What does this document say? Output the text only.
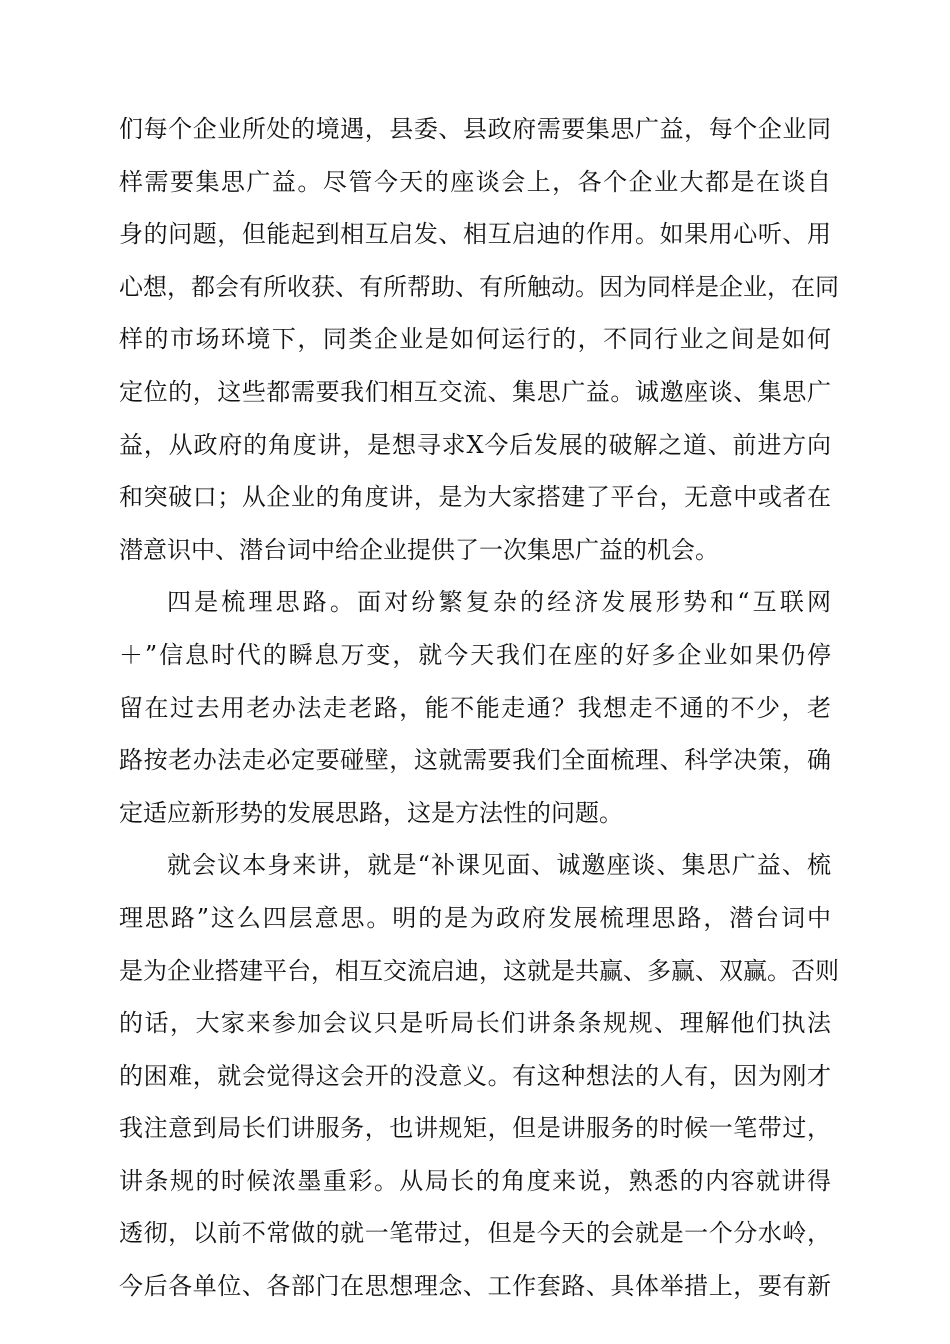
们每个企业所处的境遇，县委、县政府需要集思广益，每个企业同
样需要集思广益。尽管今天的座谈会上，各个企业大都是在谈自
身的问题，但能起到相互启发、相互启迪的作用。如果用心听、用
心想，都会有所收获、有所帮助、有所触动。因为同样是企业，在同
样的市场环境下，同类企业是如何运行的，不同行业之间是如何
定位的，这些都需要我们相互交流、集思广益。诚邀座谈、集思广
益，从政府的角度讲，是想寻求X今后发展的破解之道、前进方向
和突破口；从企业的角度讲，是为大家搭建了平台，无意中或者在
潜意识中、潜台词中给企业提供了一次集思广益的机会。
四是梳理思路。面对纷繁复杂的经济发展形势和“互联网
＋”信息时代的瞬息万变，就今天我们在座的好多企业如果仍停
留在过去用老办法走老路，能不能走通？我想走不通的不少，老
路按老办法走必定要碰壁，这就需要我们全面梳理、科学决策，确
定适应新形势的发展思路，这是方法性的问题。
就会议本身来讲，就是“补课见面、诚邀座谈、集思广益、梳
理思路”这么四层意思。明的是为政府发展梳理思路，潜台词中
是为企业搭建平台，相互交流启迪，这就是共赢、多赢、双赢。否则
的话，大家来参加会议只是听局长们讲条条规规、理解他们执法
的困难，就会觉得这会开的没意义。有这种想法的人有，因为刚才
我注意到局长们讲服务，也讲规矩，但是讲服务的时候一笔带过，
讲条规的时候浓墨重彩。从局长的角度来说，熟悉的内容就讲得
透彻，以前不常做的就一笔带过，但是今天的会就是一个分水岭，
今后各单位、各部门在思想理念、工作套路、具体举措上，要有新
